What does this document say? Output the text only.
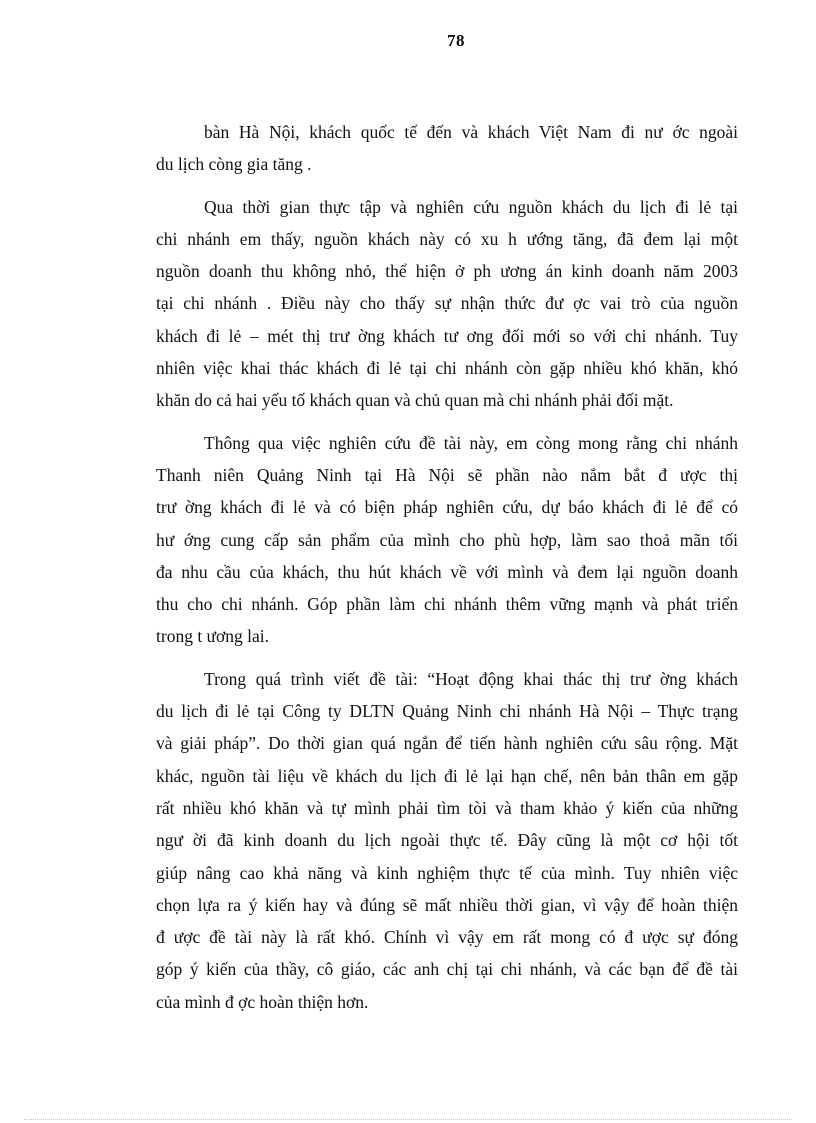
78

bàn Hà Nội, khách quốc tế đến và khách Việt Nam đi nư ớc ngoài
du lịch còng gia tăng .

Qua thời gian thực tập và nghiên cứu nguồn khách du lịch đi lẻ tại
chi nhánh em thấy, nguồn khách này có xu h ướng tăng, đã đem lại một
nguồn doanh thu không nhỏ, thể hiện ở ph ương án kinh doanh năm 2003
tại chi nhánh . Điều này cho thấy sự nhận thức đư ợc vai trò của nguồn
khách đi lẻ – mét thị trư ờng khách tư ơng đối mới so với chi nhánh. Tuy
nhiên việc khai thác khách đi lẻ tại chi nhánh còn gặp nhiều khó khăn, khó
khăn do cả hai yếu tố khách quan và chủ quan mà chi nhánh phải đối mặt.

Thông qua việc nghiên cứu đề tài này, em còng mong rằng chi nhánh
Thanh niên Quảng Ninh tại Hà Nội sẽ phần nào nắm bắt đ ược thị
trư ờng khách đi lẻ và có biện pháp nghiên cứu, dự báo khách đi lẻ để có
hư ớng cung cấp sản phẩm của mình cho phù hợp, làm sao thoả mãn tối
đa nhu cầu của khách, thu hút khách về với mình và đem lại nguồn doanh
thu cho chi nhánh. Góp phần làm chi nhánh thêm vững mạnh và phát triển
trong t ương lai.

Trong quá trình viết đề tài: “Hoạt động khai thác thị trư ờng khách
du lịch đi lẻ tại Công ty DLTN Quảng Ninh chi nhánh Hà Nội – Thực trạng
và giải pháp”. Do thời gian quá ngắn để tiến hành nghiên cứu sâu rộng. Mặt
khác, nguồn tài liệu về khách du lịch đi lẻ lại hạn chế, nên bản thân em gặp
rất nhiều khó khăn và tự mình phải tìm tòi và tham khảo ý kiến của những
ngư ời đã kinh doanh du lịch ngoài thực tế. Đây cũng là một cơ hội tốt
giúp nâng cao khả năng và kinh nghiệm thực tế của mình. Tuy nhiên việc
chọn lựa ra ý kiến hay và đúng sẽ mất nhiều thời gian, vì vậy để hoàn thiện
đ ược đề tài này là rất khó. Chính vì vậy em rất mong có đ ược sự đóng
góp ý kiến của thầy, cô giáo, các anh chị tại chi nhánh, và các bạn để đề tài
của mình đ ợc hoàn thiện hơn.
